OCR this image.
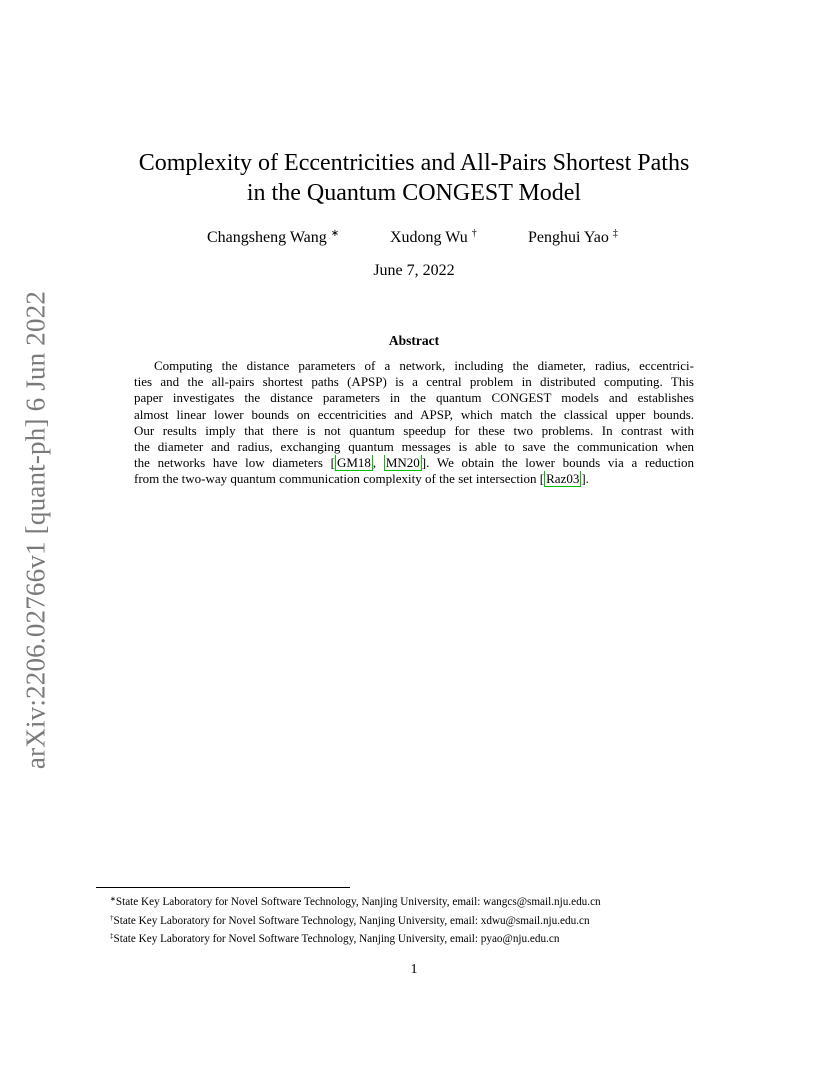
arXiv:2206.02766v1 [quant-ph] 6 Jun 2022
Complexity of Eccentricities and All-Pairs Shortest Paths
in the Quantum CONGEST Model
Changsheng Wang ∗	Xudong Wu †	Penghui Yao ‡
June 7, 2022
Abstract
Computing the distance parameters of a network, including the diameter, radius, eccentrici-
ties and the all-pairs shortest paths (APSP) is a central problem in distributed computing. This
paper investigates the distance parameters in the quantum CONGEST models and establishes
almost linear lower bounds on eccentricities and APSP, which match the classical upper bounds.
Our results imply that there is not quantum speedup for these two problems. In contrast with
the diameter and radius, exchanging quantum messages is able to save the communication when
the networks have low diameters [ GM18 , MN20 ]. We obtain the lower bounds via a reduction
from the two-way quantum communication complexity of the set intersection [ Raz03 ].
∗State Key Laboratory for Novel Software Technology, Nanjing University, email: wangcs@smail.nju.edu.cn
†State Key Laboratory for Novel Software Technology, Nanjing University, email: xdwu@smail.nju.edu.cn
‡State Key Laboratory for Novel Software Technology, Nanjing University, email: pyao@nju.edu.cn
1
